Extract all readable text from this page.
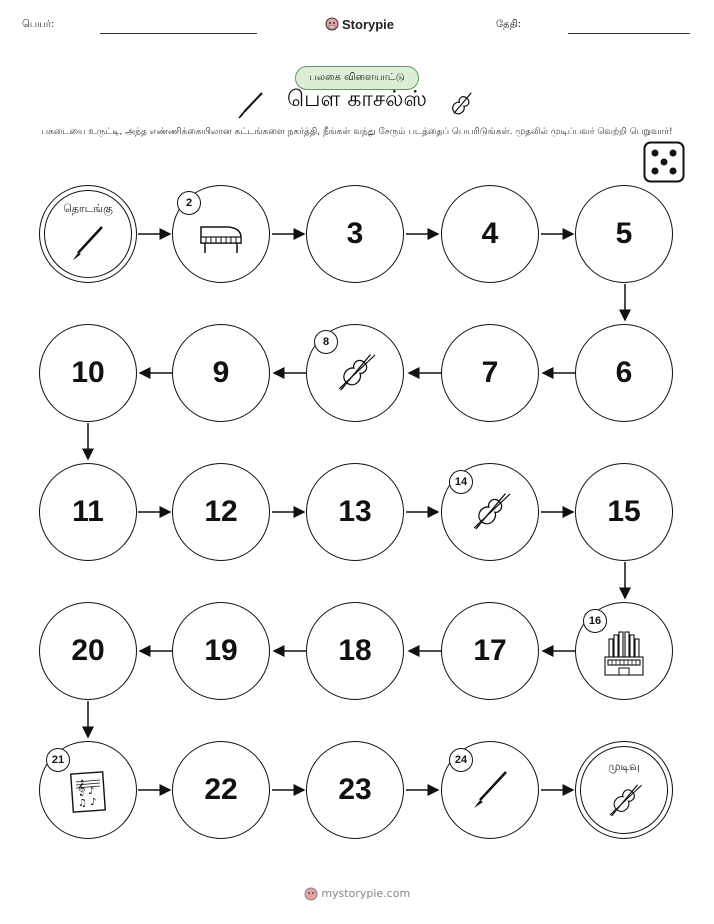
பெயர்:	Storypie	தேதி:
பலகை விளையாட்டு
பௌ காசல்ஸ்
பகடையை உருட்டி, அந்த எண்ணிக்கையிலான கட்டங்களை நகர்த்தி, நீங்கள் வந்து சேரும் படத்தைப் பெயரிடுங்கள். முதலில் முடிப்பவர் வெற்றி பெறுவார்!
தொடங்கு	2
3	4	5
10	9
8
7	6
11	12	13
14
15
20	19	18	17
16
𝄞 ♪
♫ ♪
21
22	23
24	முடிவு
mystorypie.com
